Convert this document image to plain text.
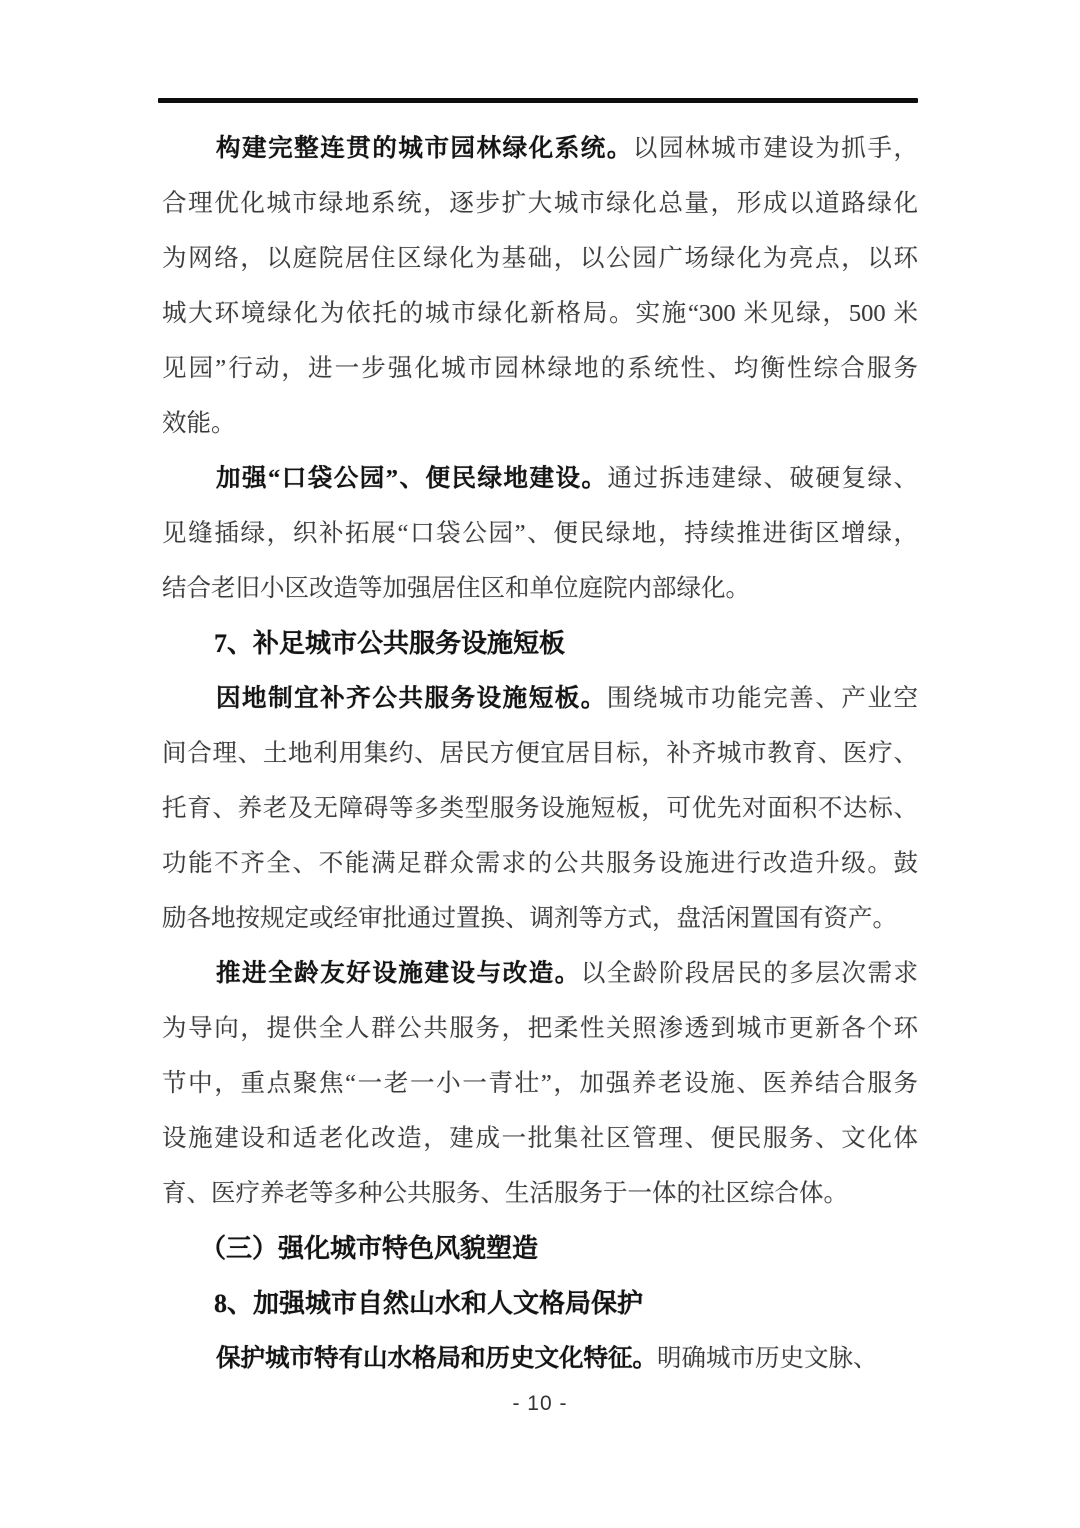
构建完整连贯的城市园林绿化系统。以园林城市建设为抓手，
合理优化城市绿地系统，逐步扩大城市绿化总量，形成以道路绿化
为网络，以庭院居住区绿化为基础，以公园广场绿化为亮点，以环
城大环境绿化为依托的城市绿化新格局。实施“300 米见绿，500 米
见园”行动，进一步强化城市园林绿地的系统性、均衡性综合服务
效能。
加强“口袋公园”、便民绿地建设。通过拆违建绿、破硬复绿、
见缝插绿，织补拓展“口袋公园”、便民绿地，持续推进街区增绿，
结合老旧小区改造等加强居住区和单位庭院内部绿化。
7、补足城市公共服务设施短板
因地制宜补齐公共服务设施短板。围绕城市功能完善、产业空
间合理、土地利用集约、居民方便宜居目标，补齐城市教育、医疗、
托育、养老及无障碍等多类型服务设施短板，可优先对面积不达标、
功能不齐全、不能满足群众需求的公共服务设施进行改造升级。鼓
励各地按规定或经审批通过置换、调剂等方式，盘活闲置国有资产。
推进全龄友好设施建设与改造。以全龄阶段居民的多层次需求
为导向，提供全人群公共服务，把柔性关照渗透到城市更新各个环
节中，重点聚焦“一老一小一青壮”，加强养老设施、医养结合服务
设施建设和适老化改造，建成一批集社区管理、便民服务、文化体
育、医疗养老等多种公共服务、生活服务于一体的社区综合体。
（三）强化城市特色风貌塑造
8、加强城市自然山水和人文格局保护
保护城市特有山水格局和历史文化特征。明确城市历史文脉、
- 10 -
